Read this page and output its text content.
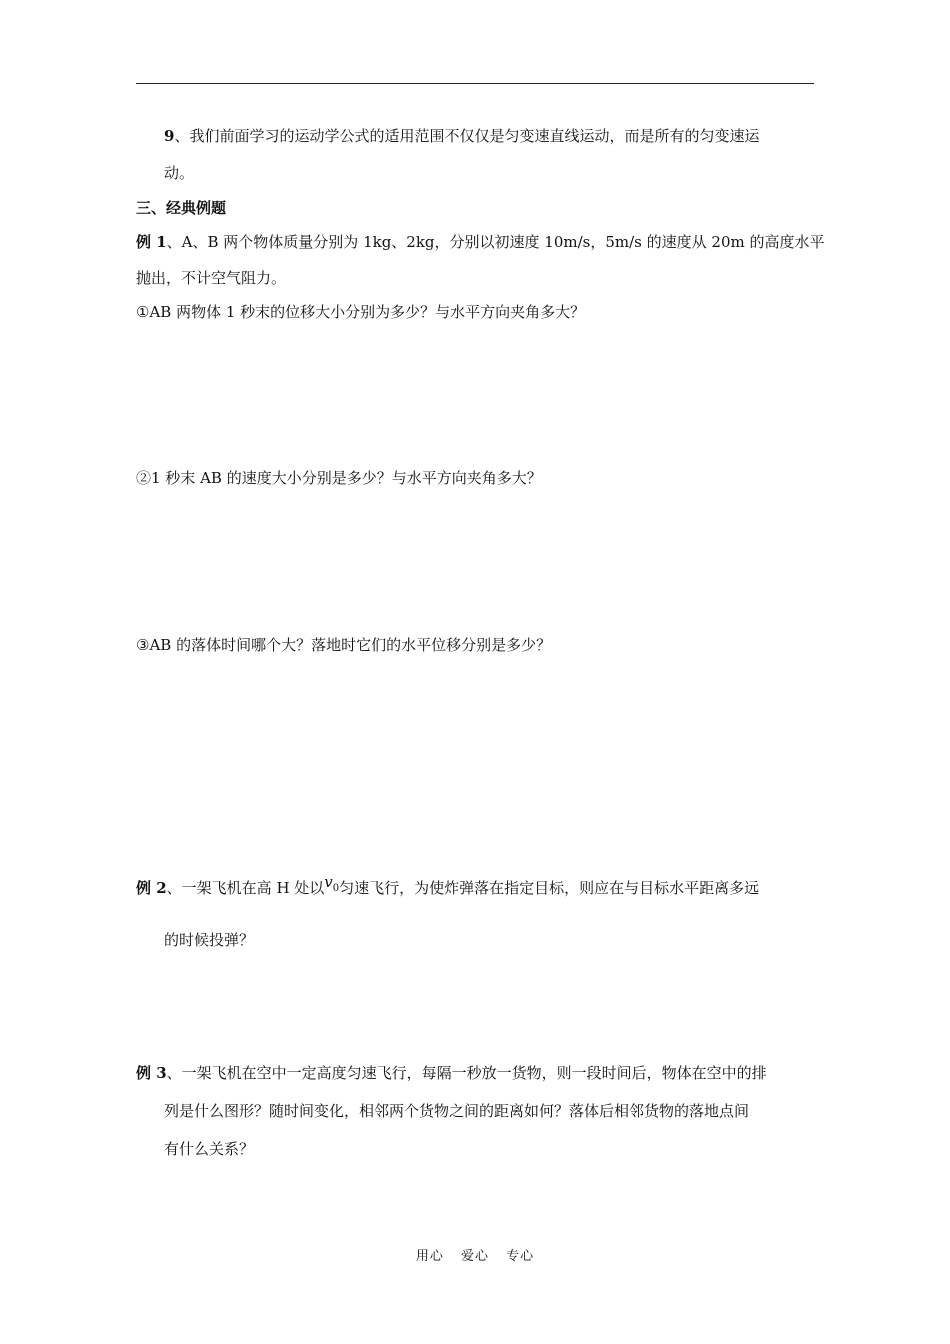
9、我们前面学习的运动学公式的适用范围不仅仅是匀变速直线运动，而是所有的匀变速运
动。
三、经典例题
例 1、A、B 两个物体质量分别为 1kg、2kg，分别以初速度 10m/s，5m/s 的速度从 20m 的高度水平
抛出，不计空气阻力。
①AB 两物体 1 秒末的位移大小分别为多少？与水平方向夹角多大？
②1 秒末 AB 的速度大小分别是多少？与水平方向夹角多大？
③AB 的落体时间哪个大？落地时它们的水平位移分别是多少？
例 2、一架飞机在高 H 处以$v_0$匀速飞行，为使炸弹落在指定目标，则应在与目标水平距离多远
的时候投弹？
例 3、一架飞机在空中一定高度匀速飞行，每隔一秒放一货物，则一段时间后，物体在空中的排
列是什么图形？随时间变化，相邻两个货物之间的距离如何？落体后相邻货物的落地点间
有什么关系？
用心 爱心 专心
